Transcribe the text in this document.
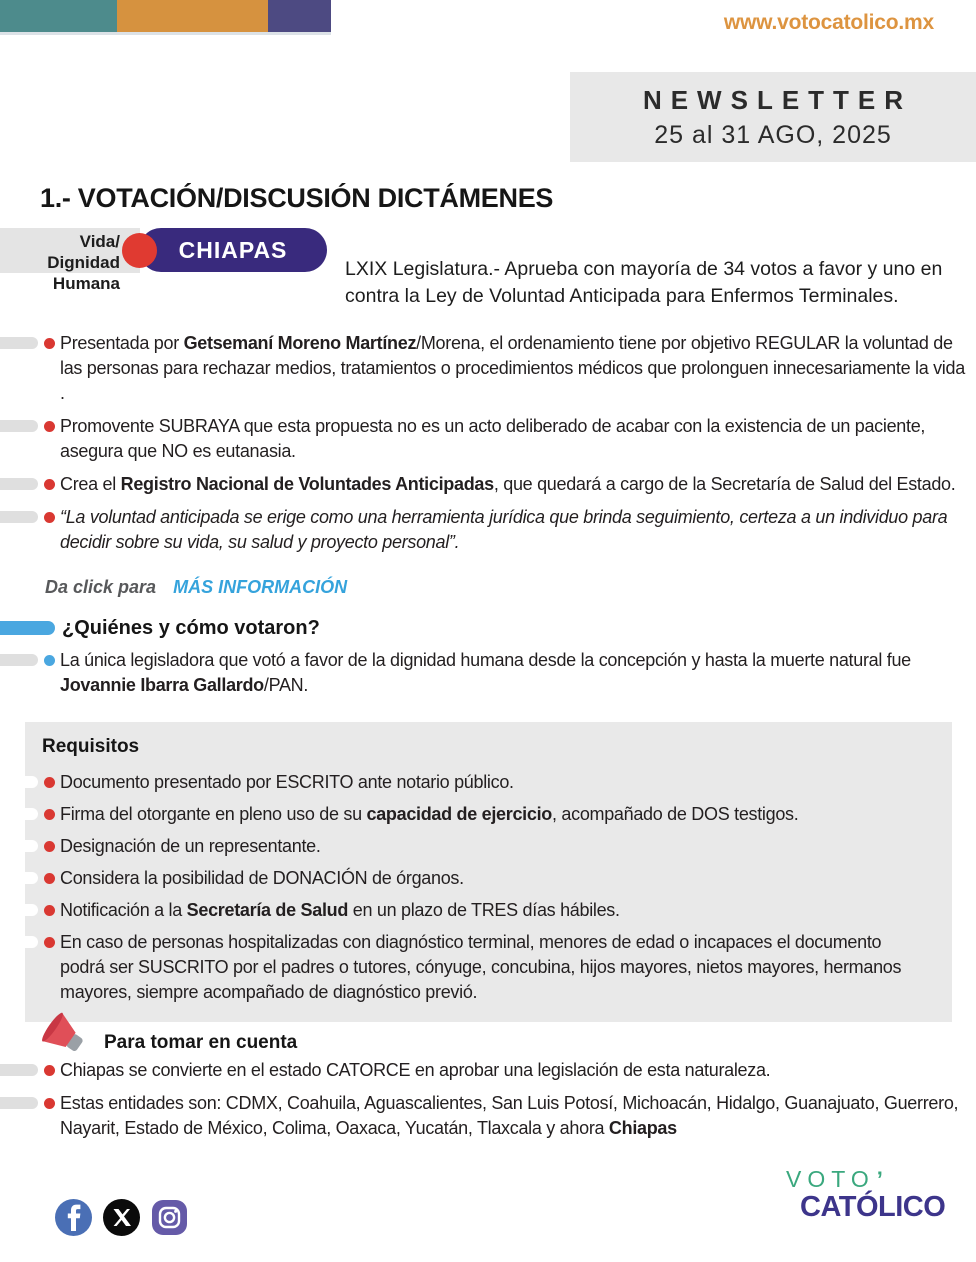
www.votocatolico.mx
NEWSLETTER
25 al 31 AGO, 2025
1.- VOTACIÓN/DISCUSIÓN DICTÁMENES
Vida/
Dignidad
Humana
CHIAPAS

LXIX Legislatura.- Aprueba con mayoría de 34 votos a favor y uno en contra la Ley de Voluntad Anticipada para Enfermos Terminales.

Presentada por Getsemaní Moreno Martínez/Morena, el ordenamiento tiene por objetivo REGULAR la voluntad de las personas para rechazar medios, tratamientos o procedimientos médicos que prolonguen innecesariamente la vida .

Promovente SUBRAYA que esta propuesta no es un acto deliberado de acabar con la existencia de un paciente, asegura que NO es eutanasia.

Crea el Registro Nacional de Voluntades Anticipadas, que quedará a cargo de la Secretaría de Salud del Estado.

“La voluntad anticipada se erige como una herramienta jurídica que brinda seguimiento, certeza a un individuo para decidir sobre su vida, su salud y proyecto personal”.

Da click para MÁS INFORMACIÓN
¿Quiénes y cómo votaron?

La única legisladora que votó a favor de la dignidad humana desde la concepción y hasta la muerte natural fue Jovannie Ibarra Gallardo/PAN.

Requisitos

Documento presentado por ESCRITO ante notario público.

Firma del otorgante en pleno uso de su capacidad de ejercicio, acompañado de DOS testigos.

Designación de un representante.

Considera la posibilidad de DONACIÓN de órganos.

Notificación a la Secretaría de Salud en un plazo de TRES días hábiles.

En caso de personas hospitalizadas con diagnóstico terminal, menores de edad o incapaces el documento podrá ser SUSCRITO por el padres o tutores, cónyuge, concubina, hijos mayores, nietos mayores, hermanos mayores, siempre acompañado de diagnóstico previó.

Para tomar en cuenta

Chiapas se convierte en el estado CATORCE en aprobar una legislación de esta naturaleza.

Estas entidades son: CDMX, Coahuila, Aguascalientes, San Luis Potosí, Michoacán, Hidalgo, Guanajuato, Guerrero, Nayarit, Estado de México, Colima, Oaxaca, Yucatán, Tlaxcala y ahora Chiapas

VOTO’
CATÓLICO
